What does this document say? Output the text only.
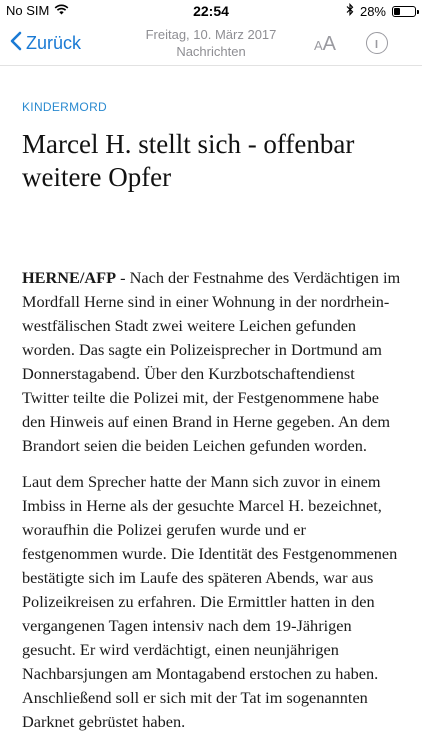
No SIM	22:54	28%
Zurück	Freitag, 10. März 2017
Nachrichten	AA
KINDERMORD
Marcel H. stellt sich - offenbar weitere Opfer

HERNE/AFP - Nach der Festnahme des Verdächtigen im Mordfall Herne sind in einer Wohnung in der nordrhein-westfälischen Stadt zwei weitere Leichen gefunden worden. Das sagte ein Polizeisprecher in Dortmund am Donnerstagabend. Über den Kurzbotschaftendienst Twitter teilte die Polizei mit, der Festgenommene habe den Hinweis auf einen Brand in Herne gegeben. An dem Brandort seien die beiden Leichen gefunden worden.

Laut dem Sprecher hatte der Mann sich zuvor in einem Imbiss in Herne als der gesuchte Marcel H. bezeichnet, woraufhin die Polizei gerufen wurde und er festgenommen wurde. Die Identität des Festgenommenen bestätigte sich im Laufe des späteren Abends, war aus Polizeikreisen zu erfahren. Die Ermittler hatten in den vergangenen Tagen intensiv nach dem 19-Jährigen gesucht. Er wird verdächtigt, einen neunjährigen Nachbarsjungen am Montagabend erstochen zu haben. Anschließend soll er sich mit der Tat im sogenannten Darknet gebrüstet haben.
